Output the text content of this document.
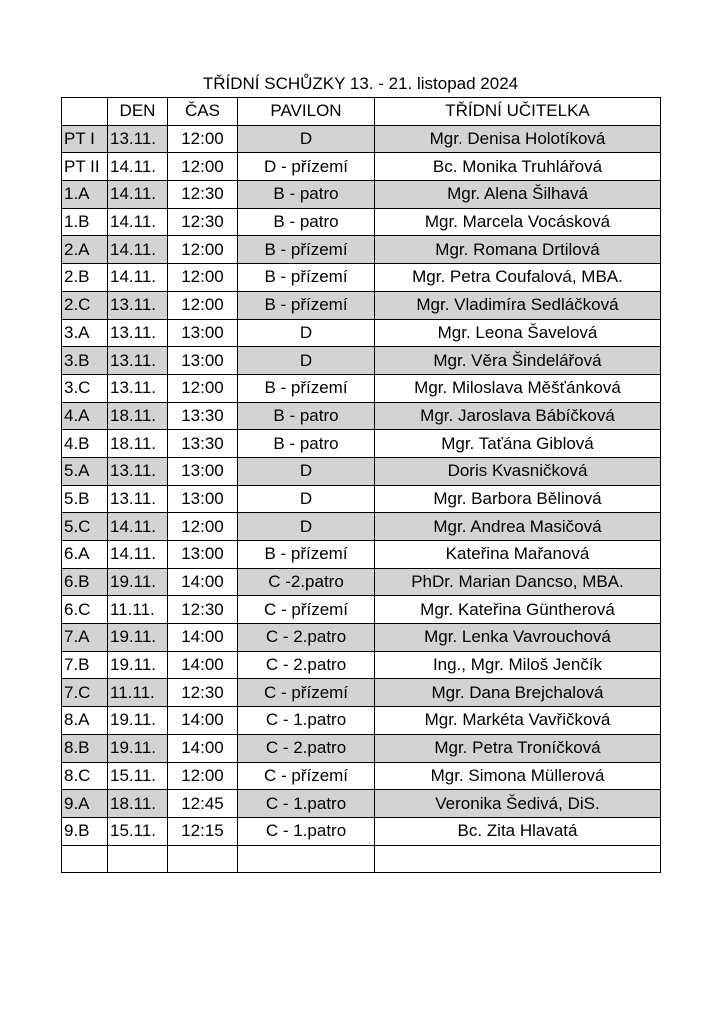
TŘÍDNÍ SCHŮZKY 13. - 21. listopad 2024
	DEN	ČAS	PAVILON	TŘÍDNÍ UČITELKA
PT I	13.11.	12:00	D	Mgr. Denisa Holotíková
PT II	14.11.	12:00	D - přízemí	Bc. Monika Truhlářová
1.A	14.11.	12:30	B - patro	Mgr. Alena Šilhavá
1.B	14.11.	12:30	B - patro	Mgr. Marcela Vocásková
2.A	14.11.	12:00	B - přízemí	Mgr. Romana Drtilová
2.B	14.11.	12:00	B - přízemí	Mgr. Petra Coufalová, MBA.
2.C	13.11.	12:00	B - přízemí	Mgr. Vladimíra Sedláčková
3.A	13.11.	13:00	D	Mgr. Leona Šavelová
3.B	13.11.	13:00	D	Mgr. Věra Šindelářová
3.C	13.11.	12:00	B - přízemí	Mgr. Miloslava Měšťánková
4.A	18.11.	13:30	B - patro	Mgr. Jaroslava Bábíčková
4.B	18.11.	13:30	B - patro	Mgr. Taťána Giblová
5.A	13.11.	13:00	D	Doris Kvasničková
5.B	13.11.	13:00	D	Mgr. Barbora Bělinová
5.C	14.11.	12:00	D	Mgr. Andrea Masičová
6.A	14.11.	13:00	B - přízemí	Kateřina Mařanová
6.B	19.11.	14:00	C -2.patro	PhDr. Marian Dancso, MBA.
6.C	11.11.	12:30	C - přízemí	Mgr. Kateřina Güntherová
7.A	19.11.	14:00	C - 2.patro	Mgr. Lenka Vavrouchová
7.B	19.11.	14:00	C - 2.patro	Ing., Mgr. Miloš Jenčík
7.C	11.11.	12:30	C - přízemí	Mgr. Dana Brejchalová
8.A	19.11.	14:00	C - 1.patro	Mgr. Markéta Vavřičková
8.B	19.11.	14:00	C - 2.patro	Mgr. Petra Troníčková
8.C	15.11.	12:00	C - přízemí	Mgr. Simona Müllerová
9.A	18.11.	12:45	C - 1.patro	Veronika Šedivá, DiS.
9.B	15.11.	12:15	C - 1.patro	Bc. Zita Hlavatá
